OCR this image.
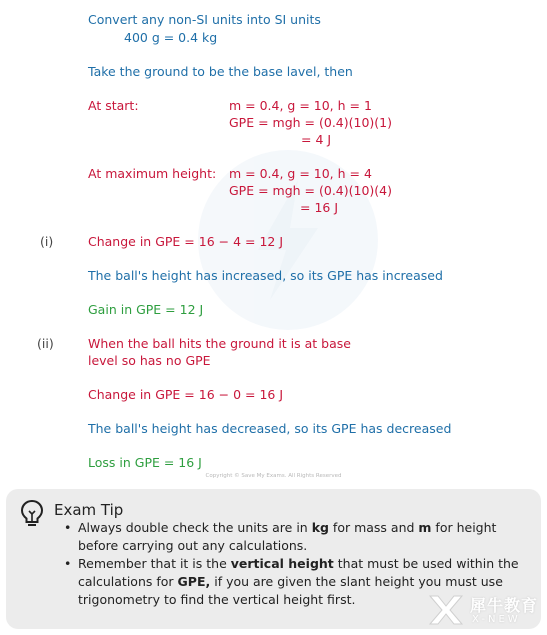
Convert any non-SI units into SI units
400 g = 0.4 kg
Take the ground to be the base lavel, then
At start:	m = 0.4, g = 10, h = 1
GPE = mgh = (0.4)(10)(1)
= 4 J
At maximum height: m = 0.4, g = 10, h = 4
GPE = mgh = (0.4)(10)(4)
= 16 J
(i)	Change in GPE = 16 − 4 = 12 J
The ball's height has increased, so its GPE has increased
Gain in GPE = 12 J
(ii)	When the ball hits the ground it is at base
level so has no GPE
Change in GPE = 16 − 0 = 16 J
The ball's height has decreased, so its GPE has decreased
Loss in GPE = 16 J
Copyright © Save My Exams. All Rights Reserved
Exam Tip
• Always double check the units are in kg for mass and m for height before carrying out any calculations.
• Remember that it is the vertical height that must be used within the calculations for GPE, if you are given the slant height you must use trigonometry to find the vertical height first.	犀牛教育
X-NEW
